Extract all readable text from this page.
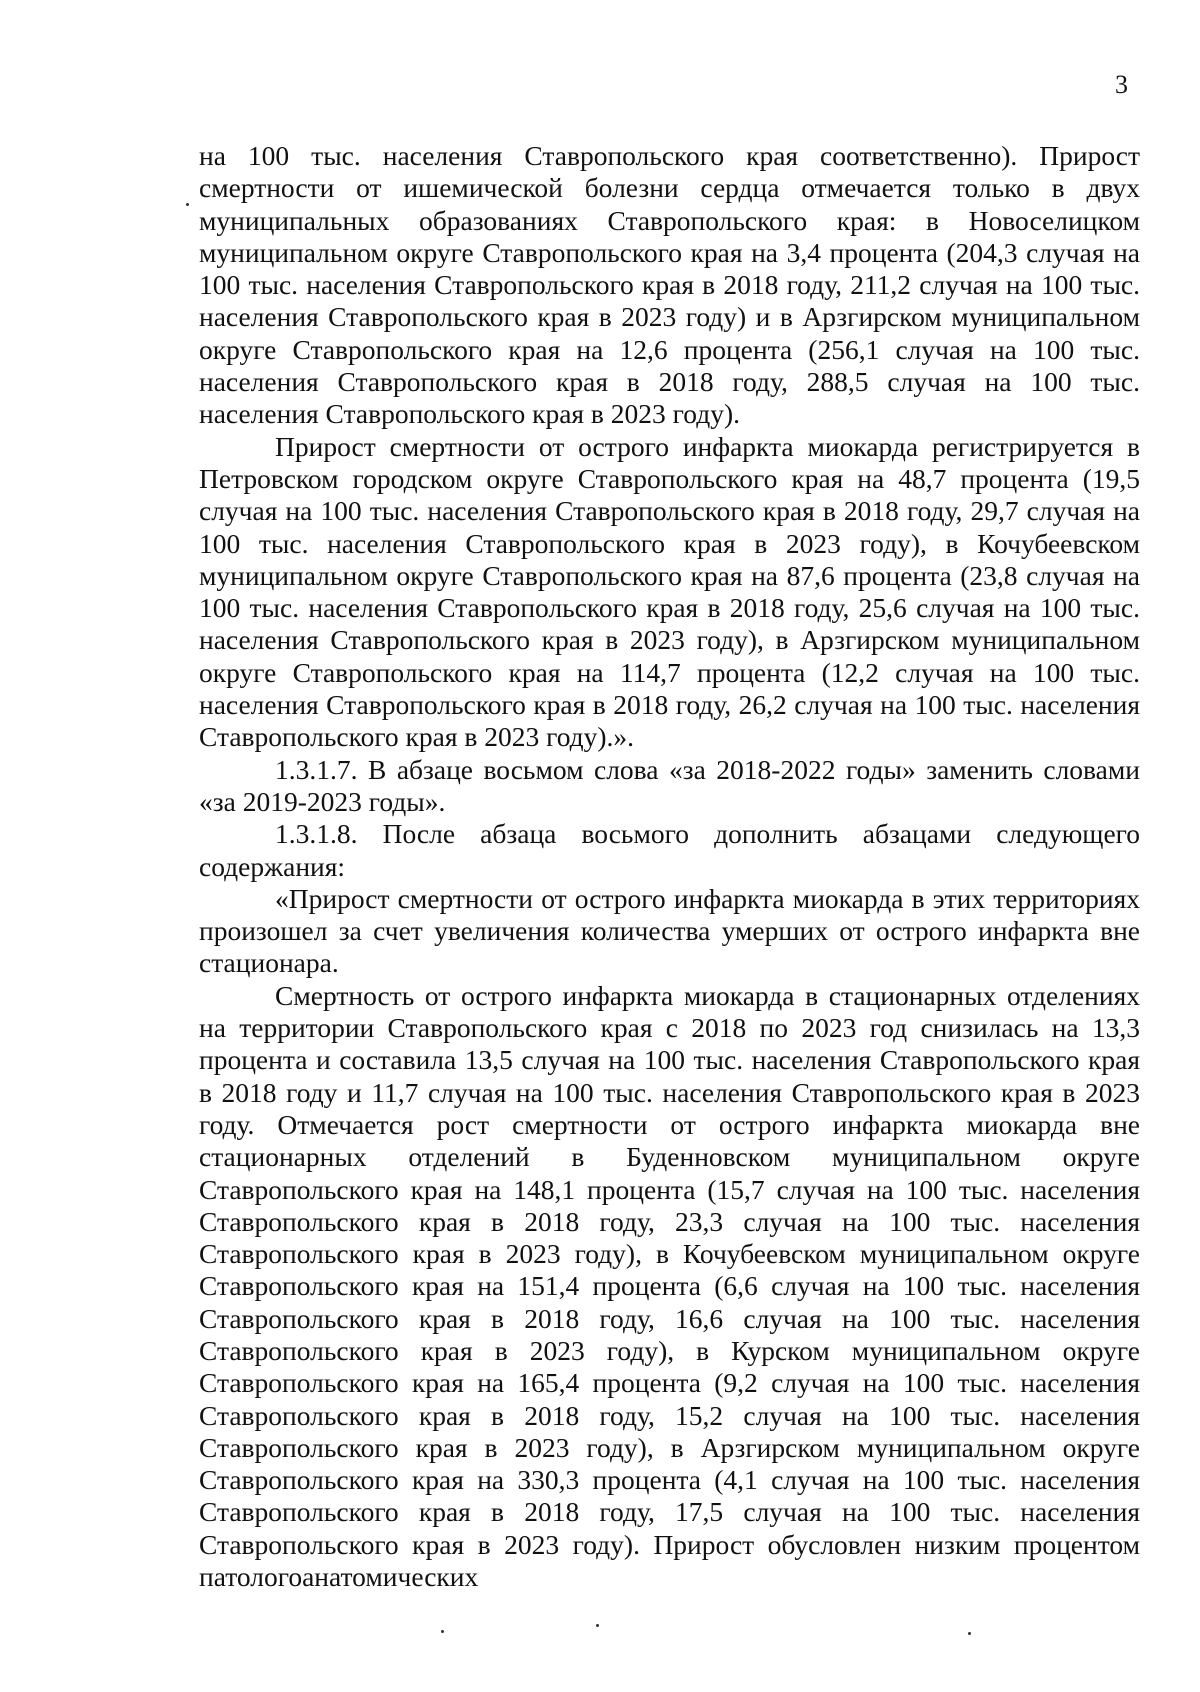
3

на 100 тыс. населения Ставропольского края соответственно). Прирост смертности от ишемической болезни сердца отмечается только в двух муниципальных образованиях Ставропольского края: в Новоселицком муниципальном округе Ставропольского края на 3,4 процента (204,3 случая на 100 тыс. населения Ставропольского края в 2018 году, 211,2 случая на 100 тыс. населения Ставропольского края в 2023 году) и в Арзгирском муниципальном округе Ставропольского края на 12,6 процента (256,1 случая на 100 тыс. населения Ставропольского края в 2018 году, 288,5 случая на 100 тыс. населения Ставропольского края в 2023 году).

Прирост смертности от острого инфаркта миокарда регистрируется в Петровском городском округе Ставропольского края на 48,7 процента (19,5 случая на 100 тыс. населения Ставропольского края в 2018 году, 29,7 случая на 100 тыс. населения Ставропольского края в 2023 году), в Кочубеевском муниципальном округе Ставропольского края на 87,6 процента (23,8 случая на 100 тыс. населения Ставропольского края в 2018 году, 25,6 случая на 100 тыс. населения Ставропольского края в 2023 году), в Арзгирском муниципальном округе Ставропольского края на 114,7 процента (12,2 случая на 100 тыс. населения Ставропольского края в 2018 году, 26,2 случая на 100 тыс. населения Ставропольского края в 2023 году).».

1.3.1.7. В абзаце восьмом слова «за 2018-2022 годы» заменить словами «за 2019-2023 годы».

1.3.1.8. После абзаца восьмого дополнить абзацами следующего содержания:

«Прирост смертности от острого инфаркта миокарда в этих территориях произошел за счет увеличения количества умерших от острого инфаркта вне стационара.

Смертность от острого инфаркта миокарда в стационарных отделениях на территории Ставропольского края с 2018 по 2023 год снизилась на 13,3 процента и составила 13,5 случая на 100 тыс. населения Ставропольского края в 2018 году и 11,7 случая на 100 тыс. населения Ставропольского края в 2023 году. Отмечается рост смертности от острого инфаркта миокарда вне стационарных отделений в Буденновском муниципальном округе Ставропольского края на 148,1 процента (15,7 случая на 100 тыс. населения Ставропольского края в 2018 году, 23,3 случая на 100 тыс. населения Ставропольского края в 2023 году), в Кочубеевском муниципальном округе Ставропольского края на 151,4 процента (6,6 случая на 100 тыс. населения Ставропольского края в 2018 году, 16,6 случая на 100 тыс. населения Ставропольского края в 2023 году), в Курском муниципальном округе Ставропольского края на 165,4 процента (9,2 случая на 100 тыс. населения Ставропольского края в 2018 году, 15,2 случая на 100 тыс. населения Ставропольского края в 2023 году), в Арзгирском муниципальном округе Ставропольского края на 330,3 процента (4,1 случая на 100 тыс. населения Ставропольского края в 2018 году, 17,5 случая на 100 тыс. населения Ставропольского края в 2023 году). Прирост обусловлен низким процентом патологоанатомических
